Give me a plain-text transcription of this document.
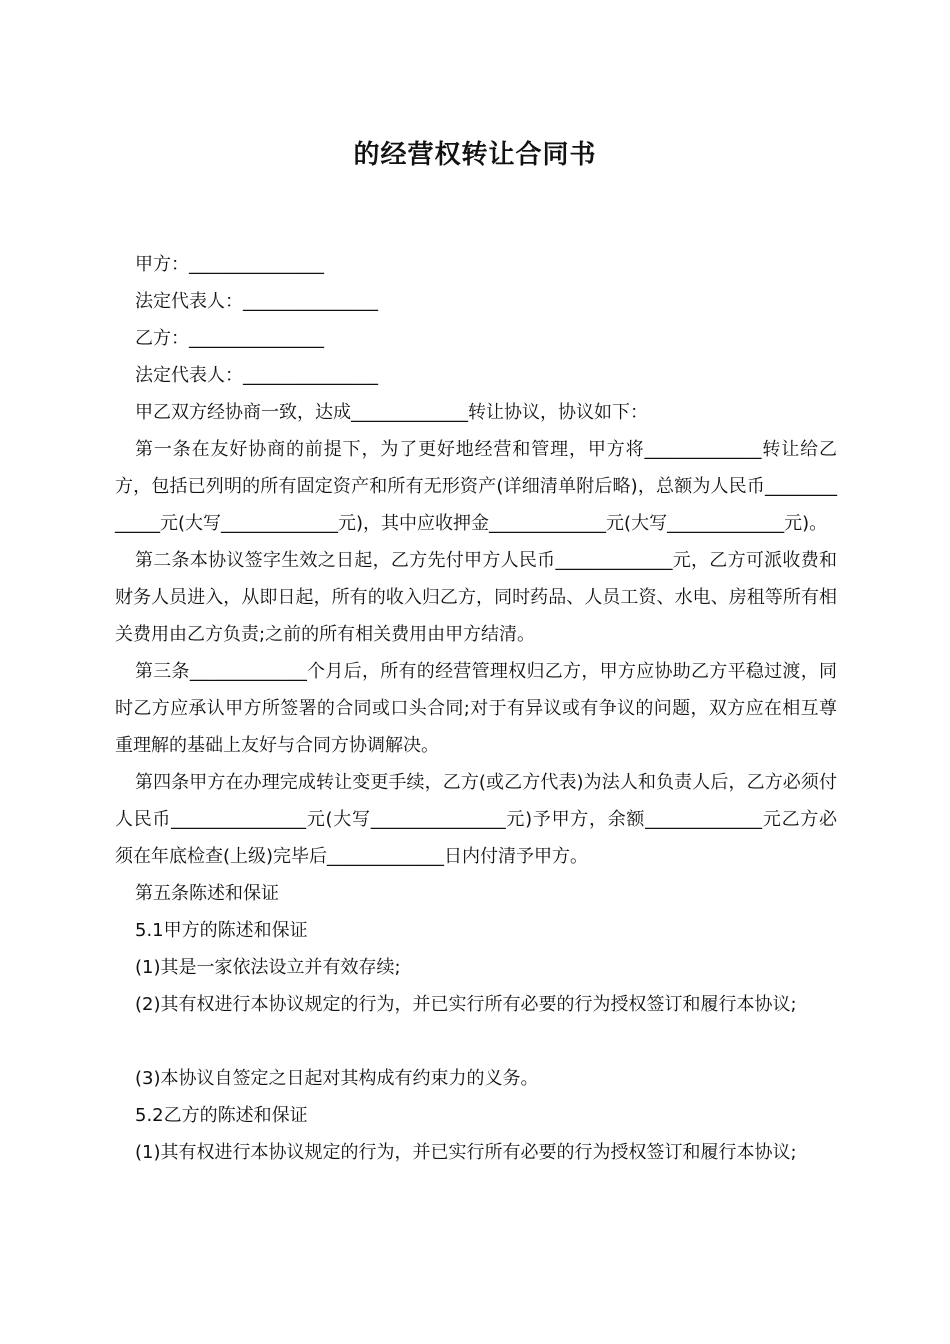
的经营权转让合同书

甲方：_______________

法定代表人：_______________

乙方：_______________

法定代表人：_______________

甲乙双方经协商一致，达成_____________转让协议，协议如下：

第一条在友好协商的前提下，为了更好地经营和管理，甲方将_____________转让给乙方，包括已列明的所有固定资产和所有无形资产(详细清单附后略)，总额为人民币_____________元(大写_____________元)，其中应收押金_____________元(大写_____________元)。

第二条本协议签字生效之日起，乙方先付甲方人民币_____________元，乙方可派收费和财务人员进入，从即日起，所有的收入归乙方，同时药品、人员工资、水电、房租等所有相关费用由乙方负责;之前的所有相关费用由甲方结清。

第三条_____________个月后，所有的经营管理权归乙方，甲方应协助乙方平稳过渡，同时乙方应承认甲方所签署的合同或口头合同;对于有异议或有争议的问题，双方应在相互尊重理解的基础上友好与合同方协调解决。

第四条甲方在办理完成转让变更手续，乙方(或乙方代表)为法人和负责人后，乙方必须付人民币_______________元(大写_______________元)予甲方，余额_____________元乙方必须在年底检查(上级)完毕后_____________日内付清予甲方。

第五条陈述和保证

5.1甲方的陈述和保证

(1)其是一家依法设立并有效存续;

(2)其有权进行本协议规定的行为，并已实行所有必要的行为授权签订和履行本协议;

(3)本协议自签定之日起对其构成有约束力的义务。

5.2乙方的陈述和保证

(1)其有权进行本协议规定的行为，并已实行所有必要的行为授权签订和履行本协议;
